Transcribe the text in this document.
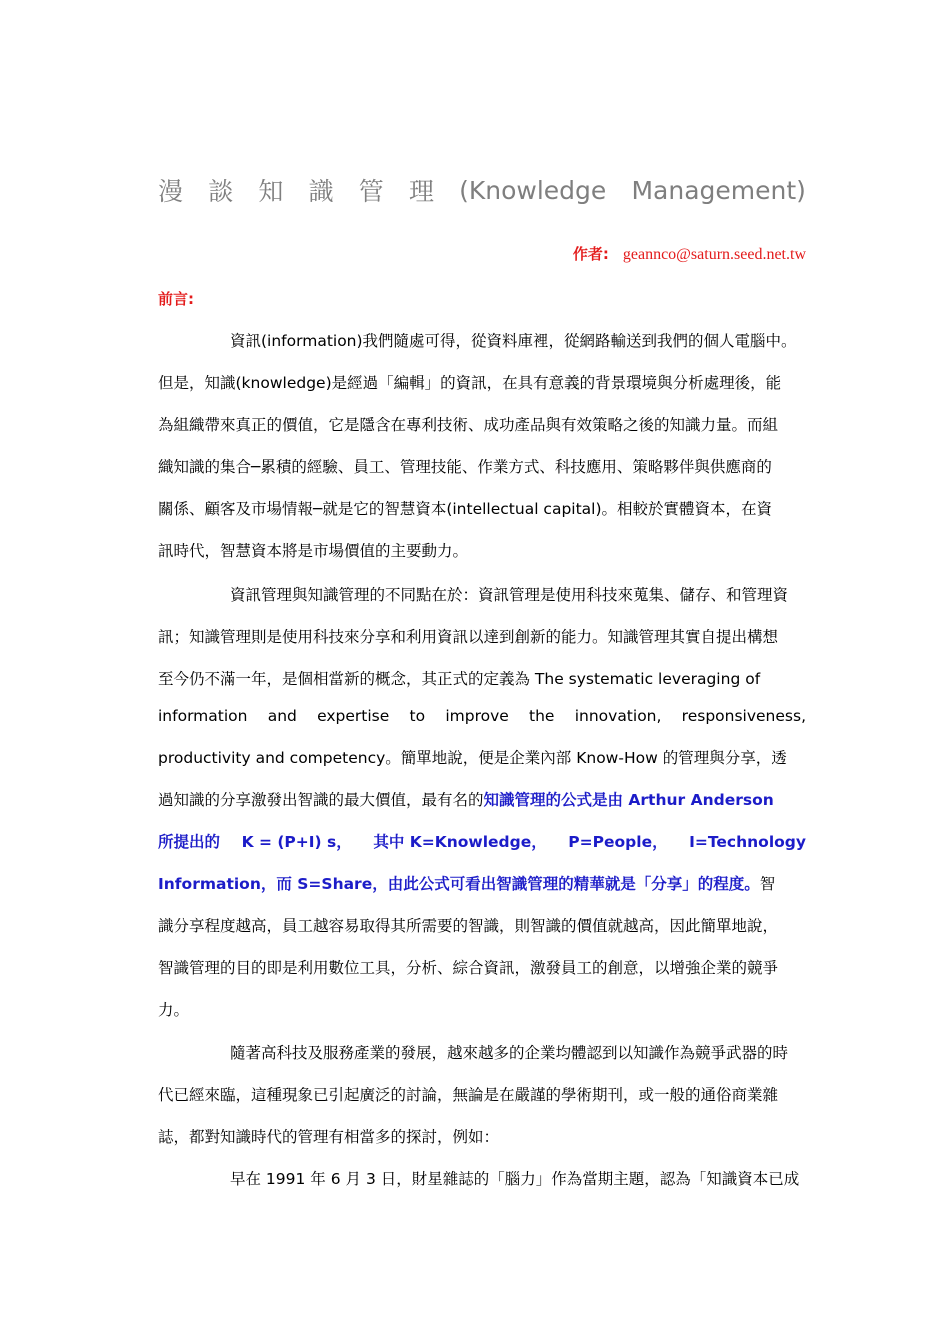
漫 談 知 識 管 理 (Knowledge Management)
作者: geannco@saturn.seed.net.tw
前言:
資訊(information)我們隨處可得，從資料庫裡，從網路輸送到我們的個人電腦中。
但是，知識(knowledge)是經過「編輯」的資訊，在具有意義的背景環境與分析處理後，能
為組織帶來真正的價值，它是隱含在專利技術、成功產品與有效策略之後的知識力量。而組
織知識的集合─累積的經驗、員工、管理技能、作業方式、科技應用、策略夥伴與供應商的
關係、顧客及市場情報─就是它的智慧資本(intellectual capital)。相較於實體資本，在資
訊時代，智慧資本將是市場價值的主要動力。
資訊管理與知識管理的不同點在於：資訊管理是使用科技來蒐集、儲存、和管理資
訊；知識管理則是使用科技來分享和利用資訊以達到創新的能力。知識管理其實自提出構想
至今仍不滿一年，是個相當新的概念，其正式的定義為 The systematic leveraging of
information and expertise to improve the innovation, responsiveness,
productivity and competency。簡單地說，便是企業內部 Know-How 的管理與分享，透
過知識的分享激發出智識的最大價值，最有名的知識管理的公式是由 Arthur Anderson
所提出的 K = (P+I) s， 其中 K=Knowledge， P=People， I=Technology
Information，而 S=Share，由此公式可看出智識管理的精華就是「分享」的程度。智
識分享程度越高，員工越容易取得其所需要的智識，則智識的價值就越高，因此簡單地說，
智識管理的目的即是利用數位工具，分析、綜合資訊，激發員工的創意，以增強企業的競爭
力。
隨著高科技及服務產業的發展，越來越多的企業均體認到以知識作為競爭武器的時
代已經來臨，這種現象已引起廣泛的討論，無論是在嚴謹的學術期刊，或一般的通俗商業雜
誌，都對知識時代的管理有相當多的探討，例如：
早在 1991 年 6 月 3 日，財星雜誌的「腦力」作為當期主題，認為「知識資本已成
